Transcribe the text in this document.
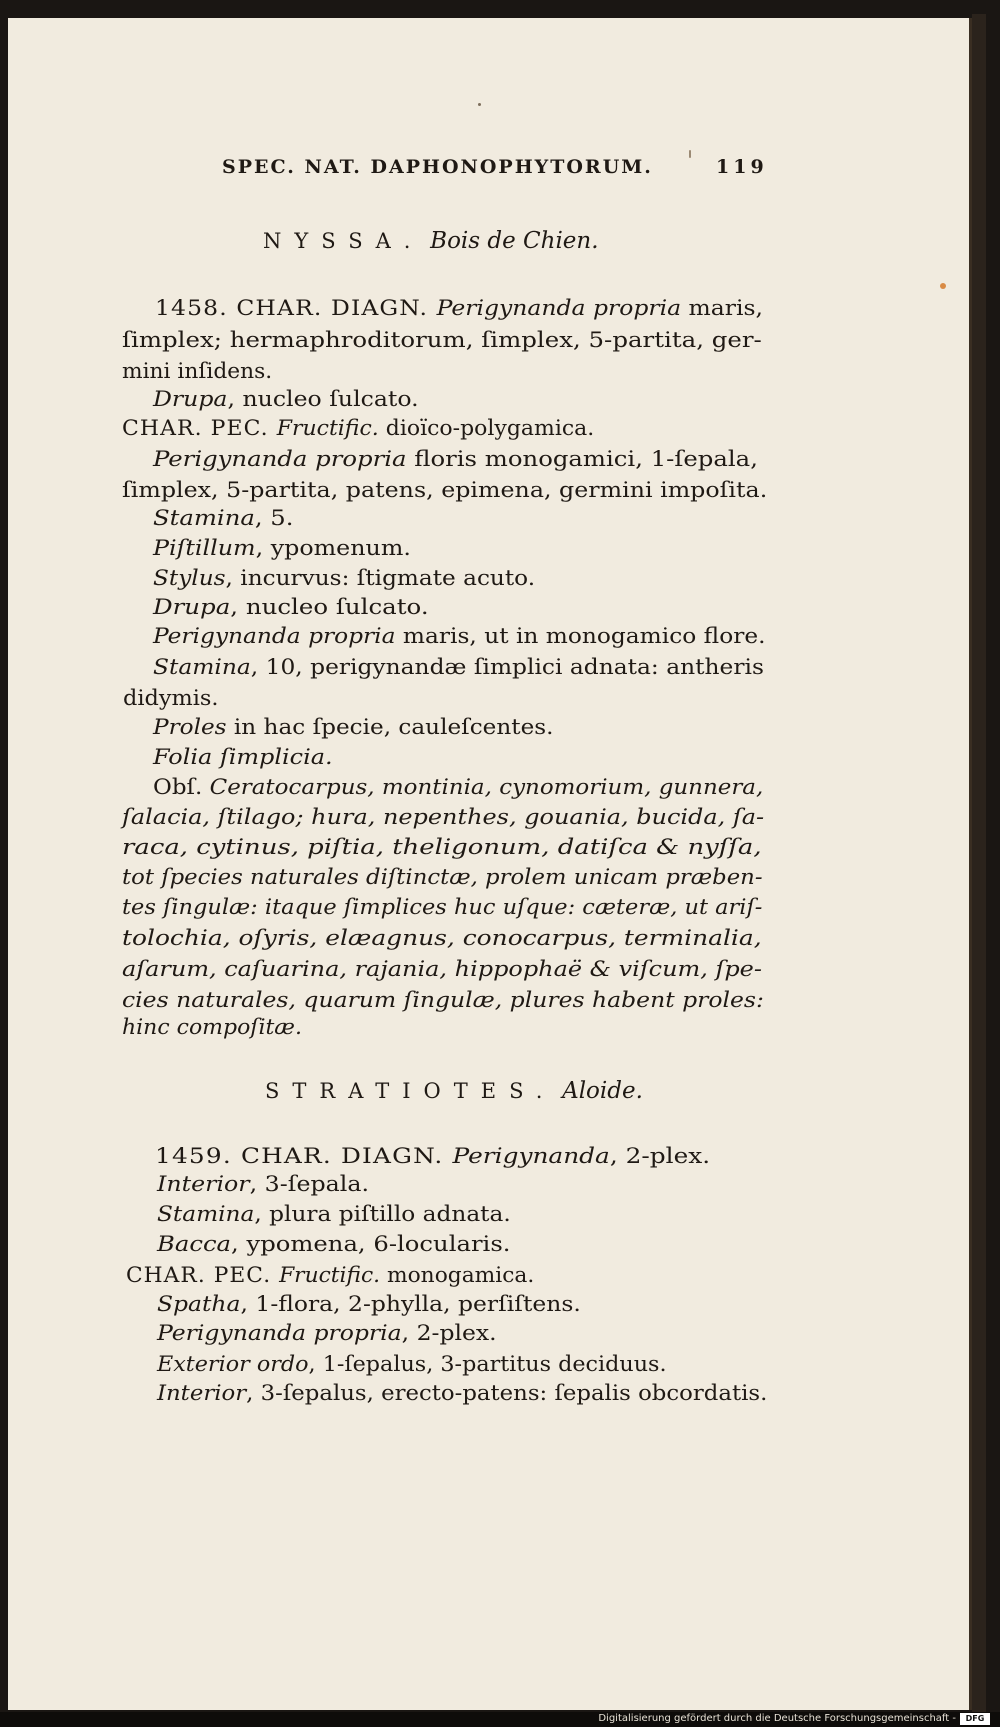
SPEC. NAT. DAPHONOPHYTORUM.	119
NYSSA. Bois de Chien.
STRATIOTES. Aloide.
1458. CHAR. DIAGN. Perigynanda propria maris,
ſimplex; hermaphroditorum, ſimplex, 5-partita, ger-
mini inſidens.
Drupa, nucleo ſulcato.
CHAR. PEC. Fructific. dioïco-polygamica.
Perigynanda propria floris monogamici, 1-ſepala,
ſimplex, 5-partita, patens, epimena, germini impoſita.
Stamina, 5.
Piſtillum, ypomenum.
Stylus, incurvus: ſtigmate acuto.
Drupa, nucleo ſulcato.
Perigynanda propria maris, ut in monogamico flore.
Stamina, 10, perigynandæ ſimplici adnata: antheris
didymis.
Proles in hac ſpecie, cauleſcentes.
Folia ſimplicia.
Obſ. Ceratocarpus, montinia, cynomorium, gunnera,
ſalacia, ſtilago; hura, nepenthes, gouania, bucida, ſa-
raca, cytinus, piſtia, theligonum, datiſca & nyſſa,
tot ſpecies naturales diſtinctæ, prolem unicam præben-
tes ſingulæ: itaque ſimplices huc uſque: cæteræ, ut ariſ-
tolochia, oſyris, elæagnus, conocarpus, terminalia,
aſarum, caſuarina, rajania, hippophaë & viſcum, ſpe-
cies naturales, quarum ſingulæ, plures habent proles:
hinc compoſitæ.
1459. CHAR. DIAGN. Perigynanda, 2-plex.
Interior, 3-ſepala.
Stamina, plura piſtillo adnata.
Bacca, ypomena, 6-locularis.
CHAR. PEC. Fructific. monogamica.
Spatha, 1-flora, 2-phylla, perſiſtens.
Perigynanda propria, 2-plex.
Exterior ordo, 1-ſepalus, 3-partitus deciduus.
Interior, 3-ſepalus, erecto-patens: ſepalis obcordatis.
Digitalisierung gefördert durch die Deutsche Forschungsgemeinschaft -	DFG
